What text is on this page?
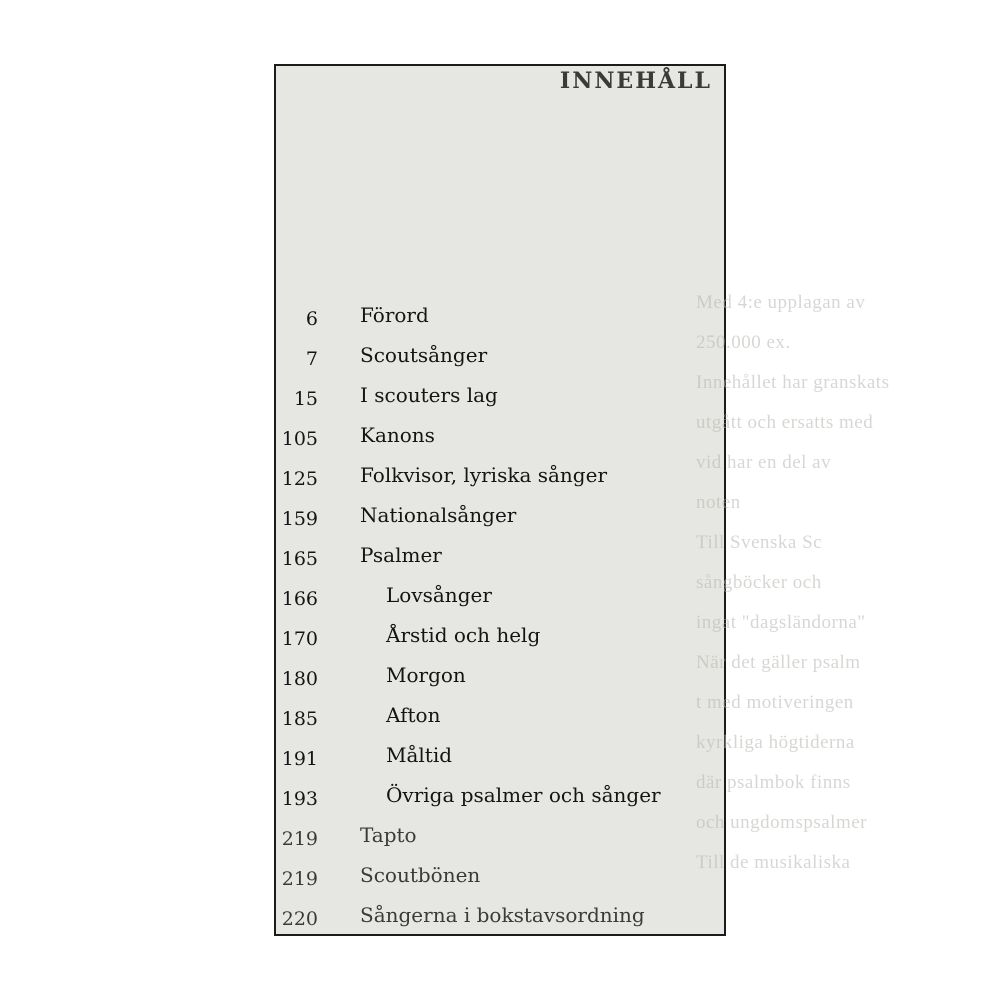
Med 4:e upplagan av
250.000 ex.
Innehållet har granskats
utgått och ersatts med
vid har en del av
noten
Till Svenska Sc
sångböcker och
ingat "dagsländorna"
När det gäller psalm
t med motiveringen
kyrkliga högtiderna
där psalmbok finns
och ungdomspsalmer
Till de musikaliska
INNEHÅLL
6 Förord
7 Scoutsånger
15 I scouters lag
105 Kanons
125 Folkvisor, lyriska sånger
159 Nationalsånger
165 Psalmer
166	Lovsånger
170	Årstid och helg
180	Morgon
185	Afton
191	Måltid
193	Övriga psalmer och sånger
219 Tapto
219 Scoutbönen
220 Sångerna i bokstavsordning
